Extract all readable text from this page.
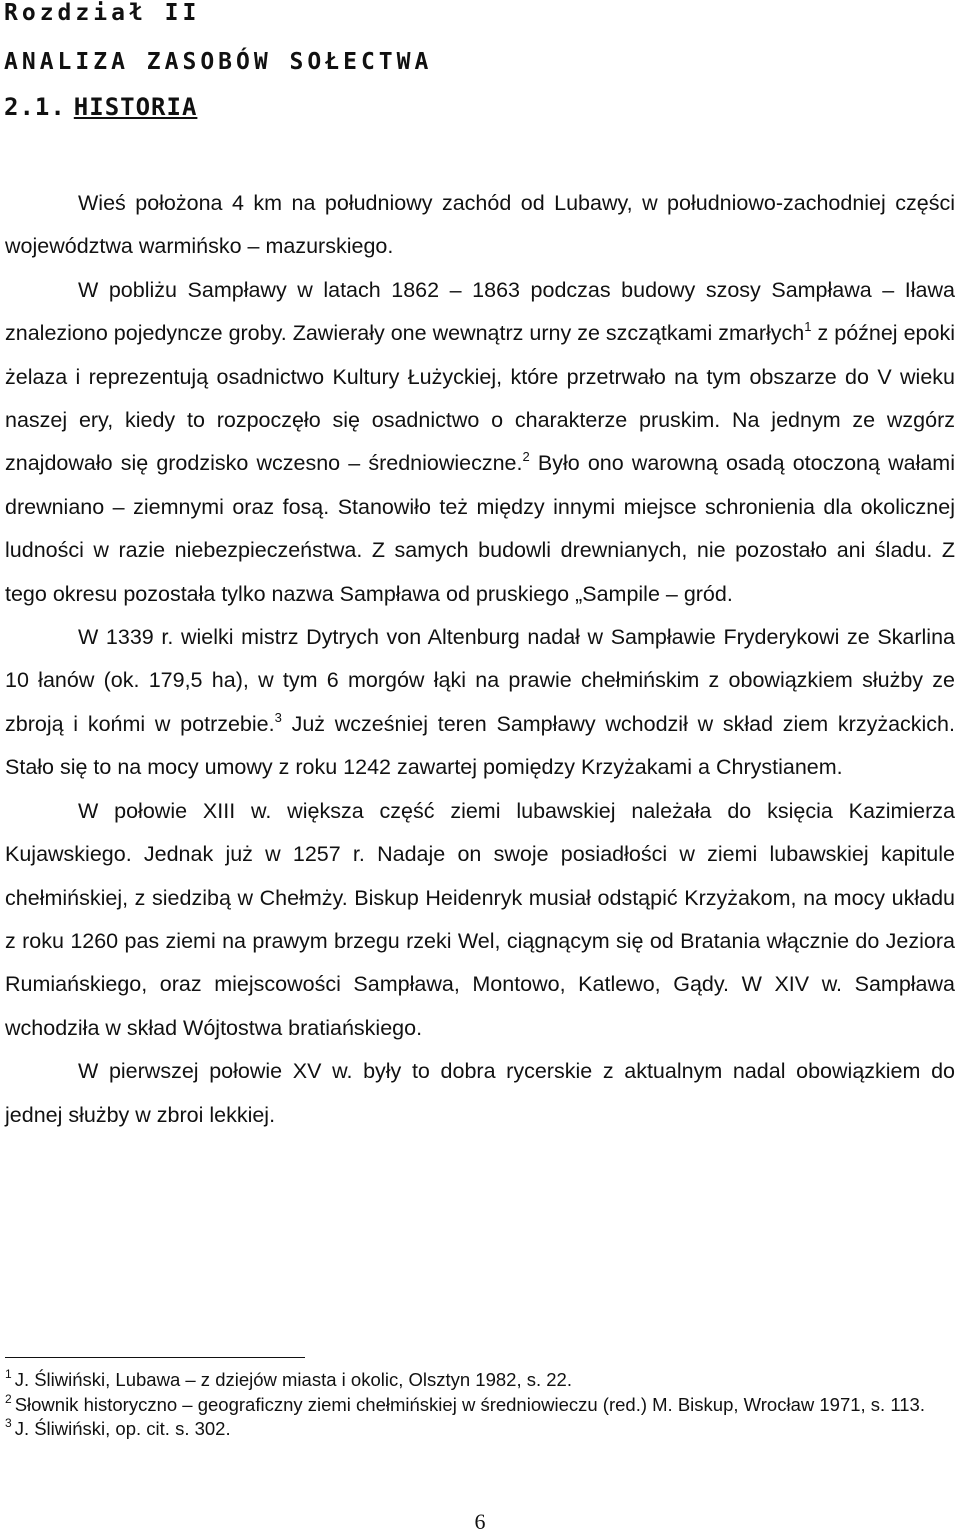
Rozdział II
ANALIZA ZASOBÓW SOŁECTWA
2.1. HISTORIA

Wieś położona 4 km na południowy zachód od Lubawy, w południowo-zachodniej części województwa warmińsko – mazurskiego.

W pobliżu Sampławy w latach 1862 – 1863 podczas budowy szosy Sampława – Iława znaleziono pojedyncze groby. Zawierały one wewnątrz urny ze szczątkami zmarłych$^1$ z późnej epoki żelaza i reprezentują osadnictwo Kultury Łużyckiej, które przetrwało na tym obszarze do V wieku naszej ery, kiedy to rozpoczęło się osadnictwo o charakterze pruskim. Na jednym ze wzgórz znajdowało się grodzisko wczesno – średniowieczne.$^2$ Było ono warowną osadą otoczoną wałami drewniano – ziemnymi oraz fosą. Stanowiło też między innymi miejsce schronienia dla okolicznej ludności w razie niebezpieczeństwa. Z samych budowli drewnianych, nie pozostało ani śladu. Z tego okresu pozostała tylko nazwa Sampława od pruskiego „Sampile – gród.

W 1339 r. wielki mistrz Dytrych von Altenburg nadał w Sampławie Fryderykowi ze Skarlina 10 łanów (ok. 179,5 ha), w tym 6 morgów łąki na prawie chełmińskim z obowiązkiem służby ze zbroją i końmi w potrzebie.$^3$ Już wcześniej teren Sampławy wchodził w skład ziem krzyżackich. Stało się to na mocy umowy z roku 1242 zawartej pomiędzy Krzyżakami a Chrystianem.

W połowie XIII w. większa część ziemi lubawskiej należała do księcia Kazimierza Kujawskiego. Jednak już w 1257 r. Nadaje on swoje posiadłości w ziemi lubawskiej kapitule chełmińskiej, z siedzibą w Chełmży. Biskup Heidenryk musiał odstąpić Krzyżakom, na mocy układu z roku 1260 pas ziemi na prawym brzegu rzeki Wel, ciągnącym się od Bratania włącznie do Jeziora Rumiańskiego, oraz miejscowości Sampława, Montowo, Katlewo, Gądy. W XIV w. Sampława wchodziła w skład Wójtostwa bratiańskiego.

W pierwszej połowie XV w. były to dobra rycerskie z aktualnym nadal obowiązkiem do jednej służby w zbroi lekkiej.

$^1$ J. Śliwiński, Lubawa – z dziejów miasta i okolic, Olsztyn 1982, s. 22.

$^2$ Słownik historyczno – geograficzny ziemi chełmińskiej w średniowieczu (red.) M. Biskup, Wrocław 1971, s. 113.

$^3$ J. Śliwiński, op. cit. s. 302.

6
